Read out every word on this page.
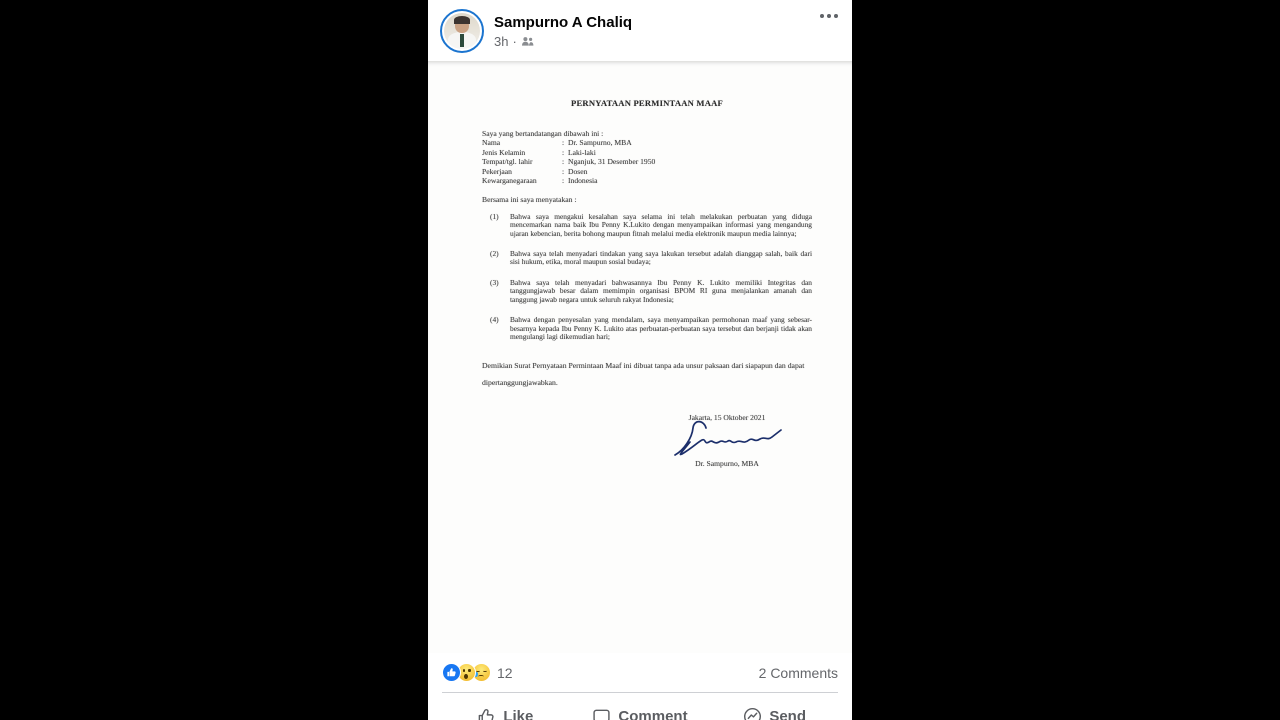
Sampurno A Chaliq
3h ·
PERNYATAAN PERMINTAAN MAAF
Saya yang bertandatangan dibawah ini :
Nama	: Dr. Sampurno, MBA
Jenis Kelamin	: Laki-laki
Tempat/tgl. lahir	: Nganjuk, 31 Desember 1950
Pekerjaan	: Dosen
Kewarganegaraan	: Indonesia
Bersama ini saya menyatakan :
(1)	Bahwa saya mengakui kesalahan saya selama ini telah melakukan perbuatan yang diduga mencemarkan nama baik Ibu Penny K.Lukito dengan menyampaikan informasi yang mengandung ujaran kebencian, berita bohong maupun fitnah melalui media elektronik maupun media lainnya;
(2)	Bahwa saya telah menyadari tindakan yang saya lakukan tersebut adalah dianggap salah, baik dari sisi hukum, etika, moral maupun sosial budaya;
(3)	Bahwa saya telah menyadari bahwasannya Ibu Penny K. Lukito memiliki Integritas dan tanggungjawab besar dalam memimpin organisasi BPOM RI guna menjalankan amanah dan tanggung jawab negara untuk seluruh rakyat Indonesia;
(4)	Bahwa dengan penyesalan yang mendalam, saya menyampaikan permohonan maaf yang sebesar-besarnya kepada Ibu Penny K. Lukito atas perbuatan-perbuatan saya tersebut dan berjanji tidak akan mengulangi lagi dikemudian hari;
Demikian Surat Pernyataan Permintaan Maaf ini dibuat tanpa ada unsur paksaan dari siapapun dan dapat dipertanggungjawabkan.
Jakarta, 15 Oktober 2021
Dr. Sampurno, MBA
12	2 Comments
Like	Comment	Send
